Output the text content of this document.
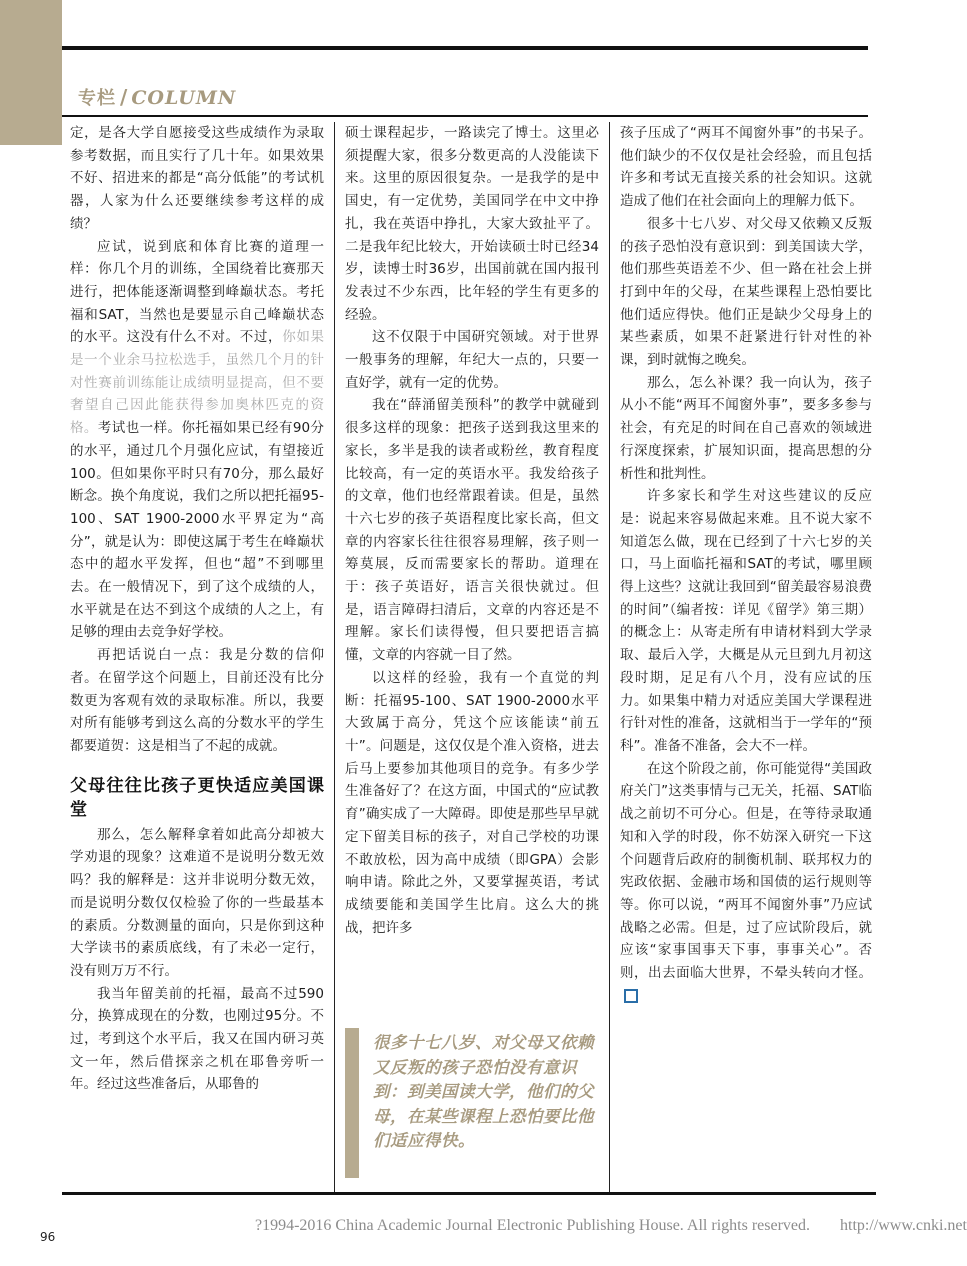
专栏 / COLUMN

定，是各大学自愿接受这些成绩作为录取参考数据，而且实行了几十年。如果效果不好、招进来的都是“高分低能”的考试机器，人家为什么还要继续参考这样的成绩？

应试，说到底和体育比赛的道理一样：你几个月的训练，全国绕着比赛那天进行，把体能逐渐调整到峰巅状态。考托福和SAT，当然也是要显示自己峰巅状态的水平。这没有什么不对。不过，你如果是一个业余马拉松选手，虽然几个月的针对性赛前训练能让成绩明显提高，但不要奢望自己因此能获得参加奥林匹克的资格。考试也一样。你托福如果已经有90分的水平，通过几个月强化应试，有望接近100。但如果你平时只有70分，那么最好断念。换个角度说，我们之所以把托福95-100、SAT 1900-2000水平界定为“高分”，就是认为：即使这属于考生在峰巅状态中的超水平发挥，但也“超”不到哪里去。在一般情况下，到了这个成绩的人，水平就是在达不到这个成绩的人之上，有足够的理由去竞争好学校。

再把话说白一点：我是分数的信仰者。在留学这个问题上，目前还没有比分数更为客观有效的录取标准。所以，我要对所有能够考到这么高的分数水平的学生都要道贺：这是相当了不起的成就。

父母往往比孩子更快适应美国课堂

那么，怎么解释拿着如此高分却被大学劝退的现象？这难道不是说明分数无效吗？我的解释是：这并非说明分数无效，而是说明分数仅仅检验了你的一些最基本的素质。分数测量的面向，只是你到这种大学读书的素质底线，有了未必一定行，没有则万万不行。

我当年留美前的托福，最高不过590分，换算成现在的分数，也刚过95分。不过，考到这个水平后，我又在国内研习英文一年，然后借探亲之机在耶鲁旁听一年。经过这些准备后，从耶鲁的

硕士课程起步，一路读完了博士。这里必须提醒大家，很多分数更高的人没能读下来。这里的原因很复杂。一是我学的是中国史，有一定优势，美国同学在中文中挣扎，我在英语中挣扎，大家大致扯平了。二是我年纪比较大，开始读硕士时已经34岁，读博士时36岁，出国前就在国内报刊发表过不少东西，比年轻的学生有更多的经验。

这不仅限于中国研究领域。对于世界一般事务的理解，年纪大一点的，只要一直好学，就有一定的优势。

我在“薛涌留美预科”的教学中就碰到很多这样的现象：把孩子送到我这里来的家长，多半是我的读者或粉丝，教育程度比较高，有一定的英语水平。我发给孩子的文章，他们也经常跟着读。但是，虽然十六七岁的孩子英语程度比家长高，但文章的内容家长往往很容易理解，孩子则一筹莫展，反而需要家长的帮助。道理在于：孩子英语好，语言关很快就过。但是，语言障碍扫清后，文章的内容还是不理解。家长们读得慢，但只要把语言搞懂，文章的内容就一目了然。

以这样的经验，我有一个直觉的判断：托福95-100、SAT 1900-2000水平大致属于高分，凭这个应该能读“前五十”。问题是，这仅仅是个准入资格，进去后马上要参加其他项目的竞争。有多少学生准备好了？在这方面，中国式的“应试教育”确实成了一大障碍。即使是那些早早就定下留美目标的孩子，对自己学校的功课不敢放松，因为高中成绩（即GPA）会影响申请。除此之外，又要掌握英语，考试成绩要能和美国学生比肩。这么大的挑战，把许多

很多十七八岁、对父母又依赖又反叛的孩子恐怕没有意识到：到美国读大学，他们的父母，在某些课程上恐怕要比他们适应得快。

孩子压成了“两耳不闻窗外事”的书呆子。他们缺少的不仅仅是社会经验，而且包括许多和考试无直接关系的社会知识。这就造成了他们在社会面向上的理解力低下。

很多十七八岁、对父母又依赖又反叛的孩子恐怕没有意识到：到美国读大学，他们那些英语差不少、但一路在社会上拼打到中年的父母，在某些课程上恐怕要比他们适应得快。他们正是缺少父母身上的某些素质，如果不赶紧进行针对性的补课，到时就悔之晚矣。

那么，怎么补课？我一向认为，孩子从小不能“两耳不闻窗外事”，要多多参与社会，有充足的时间在自己喜欢的领域进行深度探索，扩展知识面，提高思想的分析性和批判性。

许多家长和学生对这些建议的反应是：说起来容易做起来难。且不说大家不知道怎么做，现在已经到了十六七岁的关口，马上面临托福和SAT的考试，哪里顾得上这些？这就让我回到“留美最容易浪费的时间”（编者按：详见《留学》第三期）的概念上：从寄走所有申请材料到大学录取、最后入学，大概是从元旦到九月初这段时期，足足有八个月，没有应试的压力。如果集中精力对适应美国大学课程进行针对性的准备，这就相当于一学年的“预科”。准备不准备，会大不一样。

在这个阶段之前，你可能觉得“美国政府关门”这类事情与己无关，托福、SAT临战之前切不可分心。但是，在等待录取通知和入学的时段，你不妨深入研究一下这个问题背后政府的制衡机制、联邦权力的宪政依据、金融市场和国债的运行规则等等。你可以说，“两耳不闻窗外事”乃应试战略之必需。但是，过了应试阶段后，就应该“家事国事天下事，事事关心”。否则，出去面临大世界，不晕头转向才怪。

?1994-2016 China Academic Journal Electronic Publishing House. All rights reserved. http://www.cnki.net
96
